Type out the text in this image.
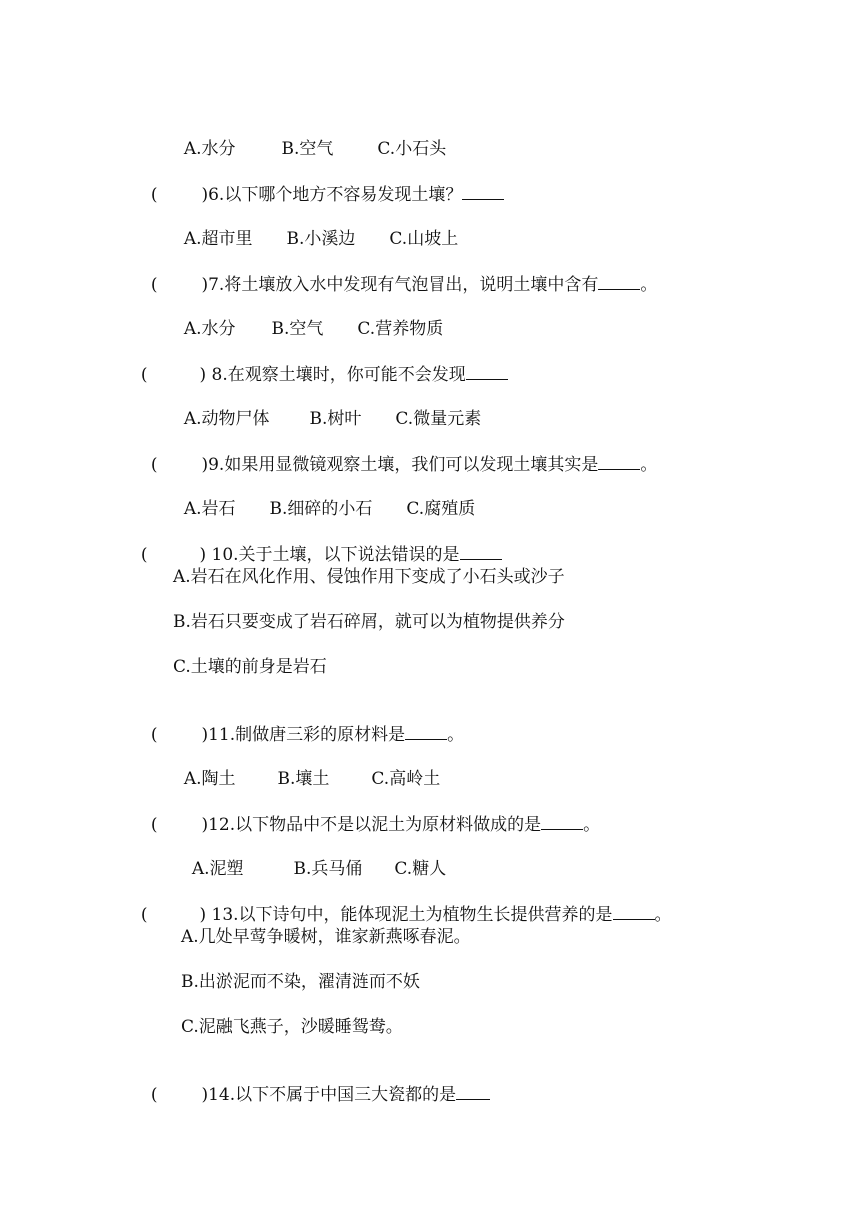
A.水分	B.空气	C.小石头

(	)6.以下哪个地方不容易发现土壤？

A.超市里 B.小溪边 C.山坡上

(	)7.将土壤放入水中发现有气泡冒出，说明土壤中含有 。

A.水分 B.空气 C.营养物质

(	) 8.在观察土壤时，你可能不会发现

A.动物尸体 B.树叶 C.微量元素

(	)9.如果用显微镜观察土壤，我们可以发现土壤其实是 。

A.岩石 B.细碎的小石 C.腐殖质

(	) 10.关于土壤，以下说法错误的是

A.岩石在风化作用、侵蚀作用下变成了小石头或沙子
B.岩石只要变成了岩石碎屑，就可以为植物提供养分
C.土壤的前身是岩石

(	)11.制做唐三彩的原材料是 。

A.陶土 B.壤土 C.高岭土

(	)12.以下物品中不是以泥土为原材料做成的是 。

A.泥塑	B.兵马俑 C.糖人

(	) 13.以下诗句中，能体现泥土为植物生长提供营养的是 。

A.几处早莺争暖树，谁家新燕啄春泥。
B.出淤泥而不染，濯清涟而不妖
C.泥融飞燕子，沙暖睡鸳鸯。

(	)14.以下不属于中国三大瓷都的是
